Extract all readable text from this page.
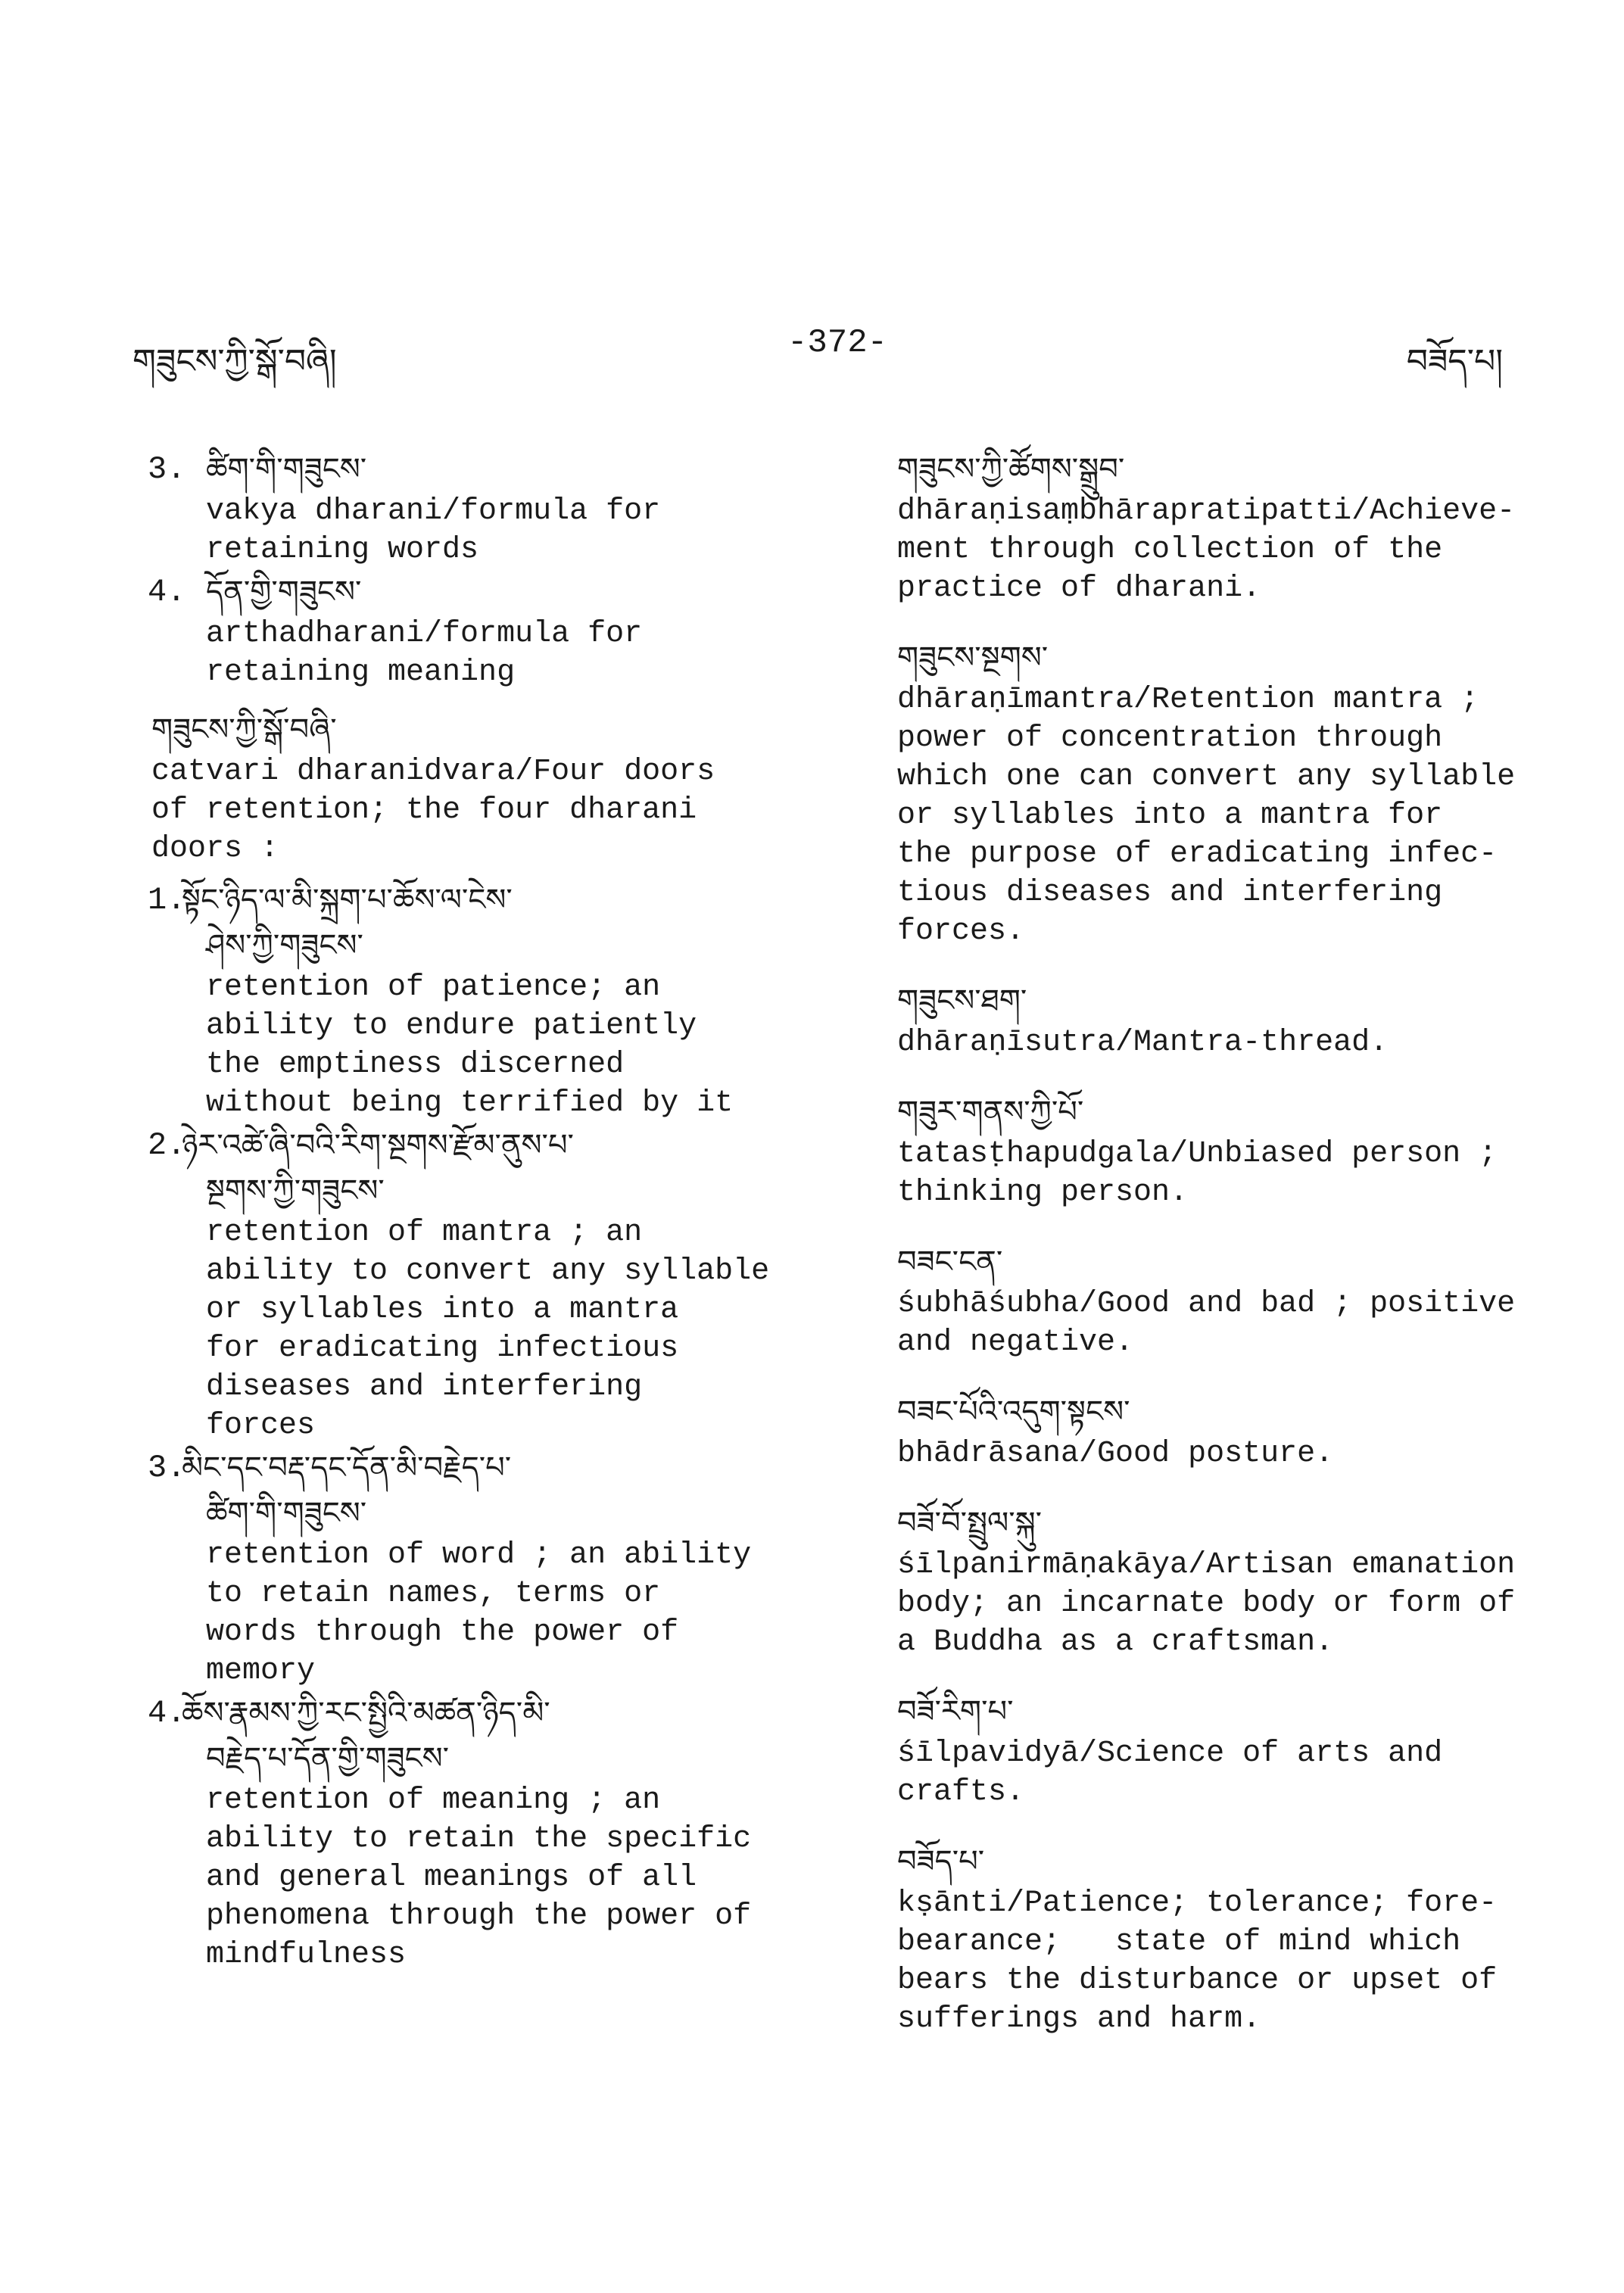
གཟུངས་ཀྱི་སྒོ་བཞི།	-372-	བཟོད་པ།
3. ཚིག་གི་གཟུངས་

vakya dharani/formula for
retaining words

4. དོན་གྱི་གཟུངས་

arthadharani/formula for
retaining meaning

གཟུངས་ཀྱི་སྒོ་བཞི་

catvari dharanidvara/Four doors
of retention; the four dharani
doors :

1.
སྟོང་ཉིད་ལ་མི་སྐྲག་པ་ཆོས་ལ་ངེས་
ཤེས་ཀྱི་གཟུངས་

retention of patience; an
ability to endure patiently
the emptiness discerned
without being terrified by it

2.
ཉེར་འཚེ་ཞི་བའི་རིག་སྔགས་རྫོམ་ནུས་པ་
སྔགས་ཀྱི་གཟུངས་

retention of mantra ; an
ability to convert any syllable
or syllables into a mantra
for eradicating infectious
diseases and interfering
forces

3.
མིང་དང་བརྡ་དང་དོན་མི་བརྗེད་པ་
ཚིག་གི་གཟུངས་

retention of word ; an ability
to retain names, terms or
words through the power of
memory

4.
ཆོས་རྣམས་ཀྱི་རང་སྤྱིའི་མཚན་ཉིད་མི་
བརྗེད་པ་དོན་གྱི་གཟུངས་

retention of meaning ; an
ability to retain the specific
and general meanings of all
phenomena through the power of
mindfulness

གཟུངས་ཀྱི་ཚོགས་སྒྲུབ་

dhāraṇisaṃbhārapratipatti/Achieve-
ment through collection of the
practice of dharani.

གཟུངས་སྔགས་

dhāraṇīmantra/Retention mantra ;
power of concentration through
which one can convert any syllable
or syllables into a mantra for
the purpose of eradicating infec-
tious diseases and interfering
forces.

གཟུངས་ཐག་

dhāraṇīsutra/Mantra-thread.

གཟུར་གནས་ཀྱི་པོ་

tatasṭhapudgala/Unbiased person ;
thinking person.

བཟང་ངན་

śubhāśubha/Good and bad ; positive
and negative.

བཟང་པོའི་འདུག་སྟངས་

bhādrāsana/Good posture.

བཟོ་བོ་སྤྲུལ་སྐུ་

śīlpanirmāṇakāya/Artisan emanation
body; an incarnate body or form of
a Buddha as a craftsman.

བཟོ་རིག་པ་

śīlpavidyā/Science of arts and
crafts.

བཟོད་པ་

kṣānti/Patience; tolerance; fore-
bearance;   state of mind which
bears the disturbance or upset of
sufferings and harm.
